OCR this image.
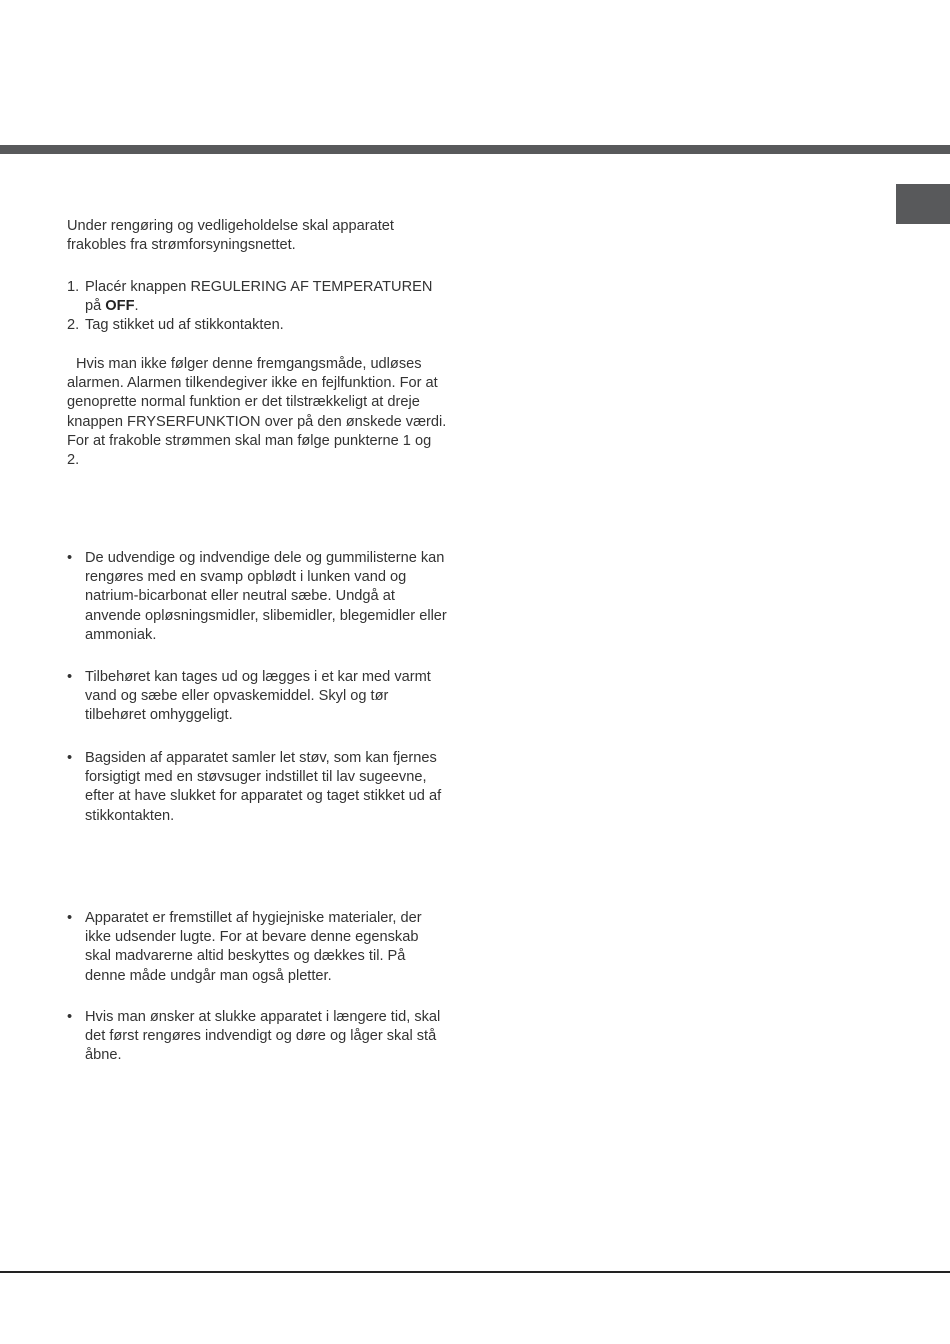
Under rengøring og vedligeholdelse skal apparatet frakobles fra strømforsyningsnettet.

1. Placér knappen REGULERING AF TEMPERATUREN på OFF.
2. Tag stikket ud af stikkontakten.

Hvis man ikke følger denne fremgangsmåde, udløses alarmen. Alarmen tilkendegiver ikke en fejlfunktion. For at genoprette normal funktion er det tilstrækkeligt at dreje knappen FRYSERFUNKTION over på den ønskede værdi. For at frakoble strømmen skal man følge punkterne 1 og 2.

• De udvendige og indvendige dele og gummilisterne kan rengøres med en svamp opblødt i lunken vand og natrium-bicarbonat eller neutral sæbe. Undgå at anvende opløsningsmidler, slibemidler, blegemidler eller ammoniak.
• Tilbehøret kan tages ud og lægges i et kar med varmt vand og sæbe eller opvaskemiddel. Skyl og tør tilbehøret omhyggeligt.
• Bagsiden af apparatet samler let støv, som kan fjernes forsigtigt med en støvsuger indstillet til lav sugeevne, efter at have slukket for apparatet og taget stikket ud af stikkontakten.
• Apparatet er fremstillet af hygiejniske materialer, der ikke udsender lugte. For at bevare denne egenskab skal madvarerne altid beskyttes og dækkes til. På denne måde undgår man også pletter.
• Hvis man ønsker at slukke apparatet i længere tid, skal det først rengøres indvendigt og døre og låger skal stå åbne.
